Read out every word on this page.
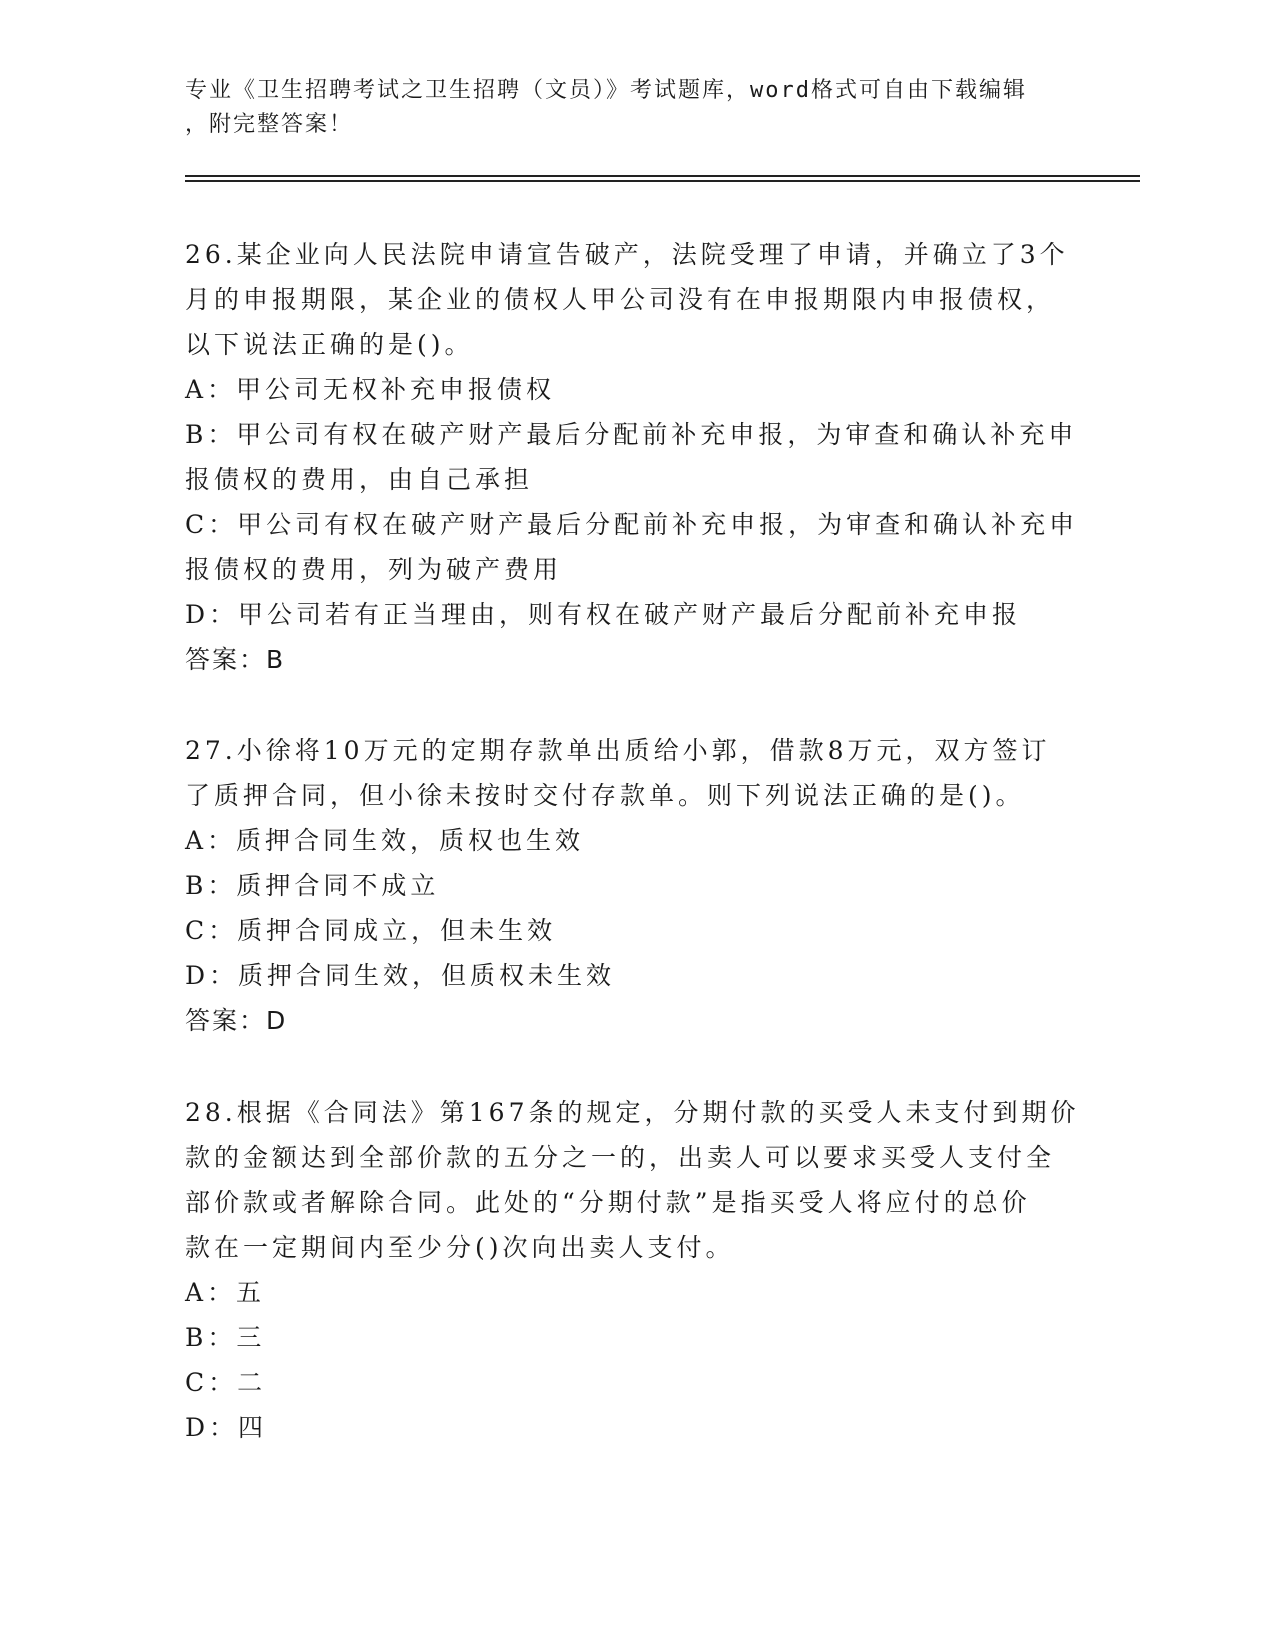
专业《卫生招聘考试之卫生招聘（文员）》考试题库，word格式可自由下载编辑
，附完整答案！
26.某企业向人民法院申请宣告破产，法院受理了申请，并确立了3个
月的申报期限，某企业的债权人甲公司没有在申报期限内申报债权，
以下说法正确的是()。
A：甲公司无权补充申报债权
B：甲公司有权在破产财产最后分配前补充申报，为审查和确认补充申
报债权的费用，由自己承担
C：甲公司有权在破产财产最后分配前补充申报，为审查和确认补充申
报债权的费用，列为破产费用
D：甲公司若有正当理由，则有权在破产财产最后分配前补充申报
答案：B
27.小徐将10万元的定期存款单出质给小郭，借款8万元，双方签订
了质押合同，但小徐未按时交付存款单。则下列说法正确的是()。
A：质押合同生效，质权也生效
B：质押合同不成立
C：质押合同成立，但未生效
D：质押合同生效，但质权未生效
答案：D
28.根据《合同法》第167条的规定，分期付款的买受人未支付到期价
款的金额达到全部价款的五分之一的，出卖人可以要求买受人支付全
部价款或者解除合同。此处的“分期付款”是指买受人将应付的总价
款在一定期间内至少分()次向出卖人支付。
A：五
B：三
C：二
D：四
